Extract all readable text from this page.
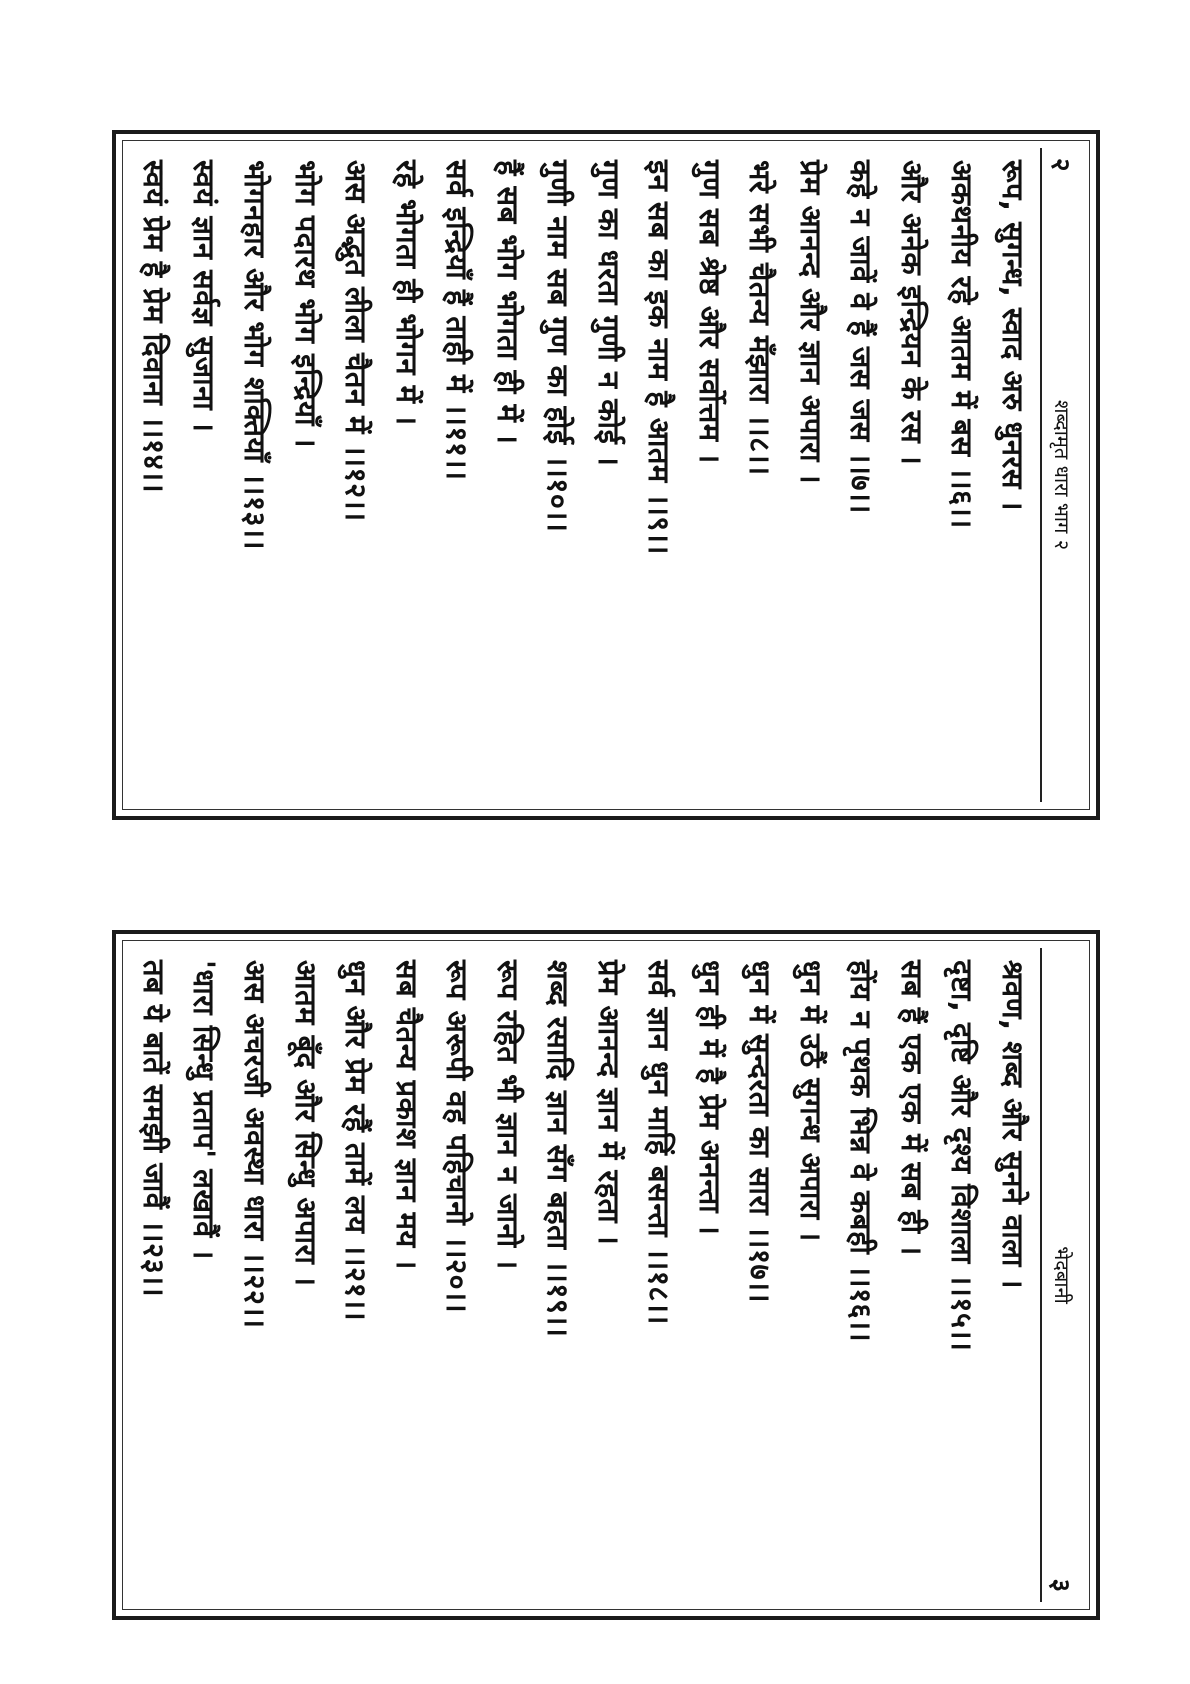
२
शब्दामृत धारा भाग २
रूप, सुगन्ध, स्वाद अरु धुनरस ।
अकथनीय रहे आतम में बस ।।६।।
और अनेक इन्द्रियन के रस ।
कहे न जावें वे हैं जस जस ।।७।।
प्रेम आनन्द और ज्ञान अपारा ।
भरे सभी चैतन्य मँझारा ।।८।।
गुण सब श्रेष्ठ और सर्वोत्तम ।
इन सब का इक नाम है आतम ।।९।।
गुण का धरता गुणी न कोई ।
गुणी नाम सब गुण का होई ।।१०।।
हैं सब भोग भोगता ही में ।
सर्व इन्द्रियाँ हैं ताही में ।।११।।
रहे भोगता ही भोगन में ।
अस अद्भुत लीला चैतन में ।।१२।।
भोग पदारथ भोग इन्द्रियाँ ।
भोगनहार और भोग शक्तियाँ ।।१३।।
स्वयं ज्ञान सर्वज्ञ सुजाना ।
स्वयं प्रेम है प्रेम दिवाना ।।१४।।
भेदबानी
३
श्रवण, शब्द और सुनने वाला ।
दृष्टा, दृष्टि और दृश्य विशाला ।।१५।।
सब हैं एक एक में सब ही ।
होंय न पृथक भिन्न वे कबही ।।१६।।
धुन में उठैं सुगन्ध अपारा ।
धुन में सुन्दरता का सारा ।।१७।।
धुन ही में है प्रेम अनन्ता ।
सर्व ज्ञान धुन माहिं बसन्ता ।।१८।।
प्रेम आनन्द ज्ञान में रहता ।
शब्द रसादि ज्ञान सँग बहता ।।१९।।
रूप रहित भी ज्ञान न जानो ।
रूप अरूपी वह पहिचानो ।।२०।।
सब चैतन्य प्रकाश ज्ञान मय ।
धुन और प्रेम रहैं तामें लय ।।२१।।
आतम बूँद और सिन्धु अपारा ।
अस अचरजी अवस्था धारा ।।२२।।
'धारा सिन्धु प्रताप' लखावैं ।
तब ये बातें समझी जावैं ।।२३।।
